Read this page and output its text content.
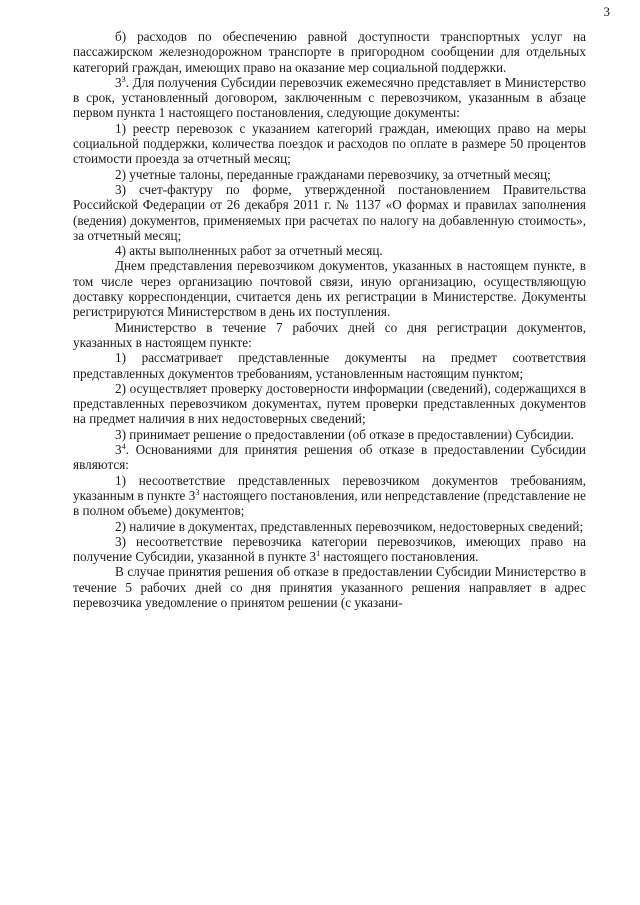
3

б) расходов по обеспечению равной доступности транспортных услуг на пассажирском железнодорожном транспорте в пригородном сообщении для отдельных категорий граждан, имеющих право на оказание мер социальной поддержки.

$3^3$. Для получения Субсидии перевозчик ежемесячно представляет в Министерство в срок, установленный договором, заключенным с перевозчиком, указанным в абзаце первом пункта 1 настоящего постановления, следующие документы:

1) реестр перевозок с указанием категорий граждан, имеющих право на меры социальной поддержки, количества поездок и расходов по оплате в размере 50 процентов стоимости проезда за отчетный месяц;

2) учетные талоны, переданные гражданами перевозчику, за отчетный месяц;

3) счет-фактуру по форме, утвержденной постановлением Правительства Российской Федерации от 26 декабря 2011 г. № 1137 «О формах и правилах заполнения (ведения) документов, применяемых при расчетах по налогу на добавленную стоимость», за отчетный месяц;

4) акты выполненных работ за отчетный месяц.

Днем представления перевозчиком документов, указанных в настоящем пункте, в том числе через организацию почтовой связи, иную организацию, осуществляющую доставку корреспонденции, считается день их регистрации в Министерстве. Документы регистрируются Министерством в день их поступления.

Министерство в течение 7 рабочих дней со дня регистрации документов, указанных в настоящем пункте:

1) рассматривает представленные документы на предмет соответствия представленных документов требованиям, установленным настоящим пунктом;

2) осуществляет проверку достоверности информации (сведений), содержащихся в представленных перевозчиком документах, путем проверки представленных документов на предмет наличия в них недостоверных сведений;

3) принимает решение о предоставлении (об отказе в предоставлении) Субсидии.

$3^4$. Основаниями для принятия решения об отказе в предоставлении Субсидии являются:

1) несоответствие представленных перевозчиком документов требованиям, указанным в пункте $3^3$ настоящего постановления, или непредставление (представление не в полном объеме) документов;

2) наличие в документах, представленных перевозчиком, недостоверных сведений;

3) несоответствие перевозчика категории перевозчиков, имеющих право на получение Субсидии, указанной в пункте $3^1$ настоящего постановления.

В случае принятия решения об отказе в предоставлении Субсидии Министерство в течение 5 рабочих дней со дня принятия указанного решения направляет в адрес перевозчика уведомление о принятом решении (с указани-
